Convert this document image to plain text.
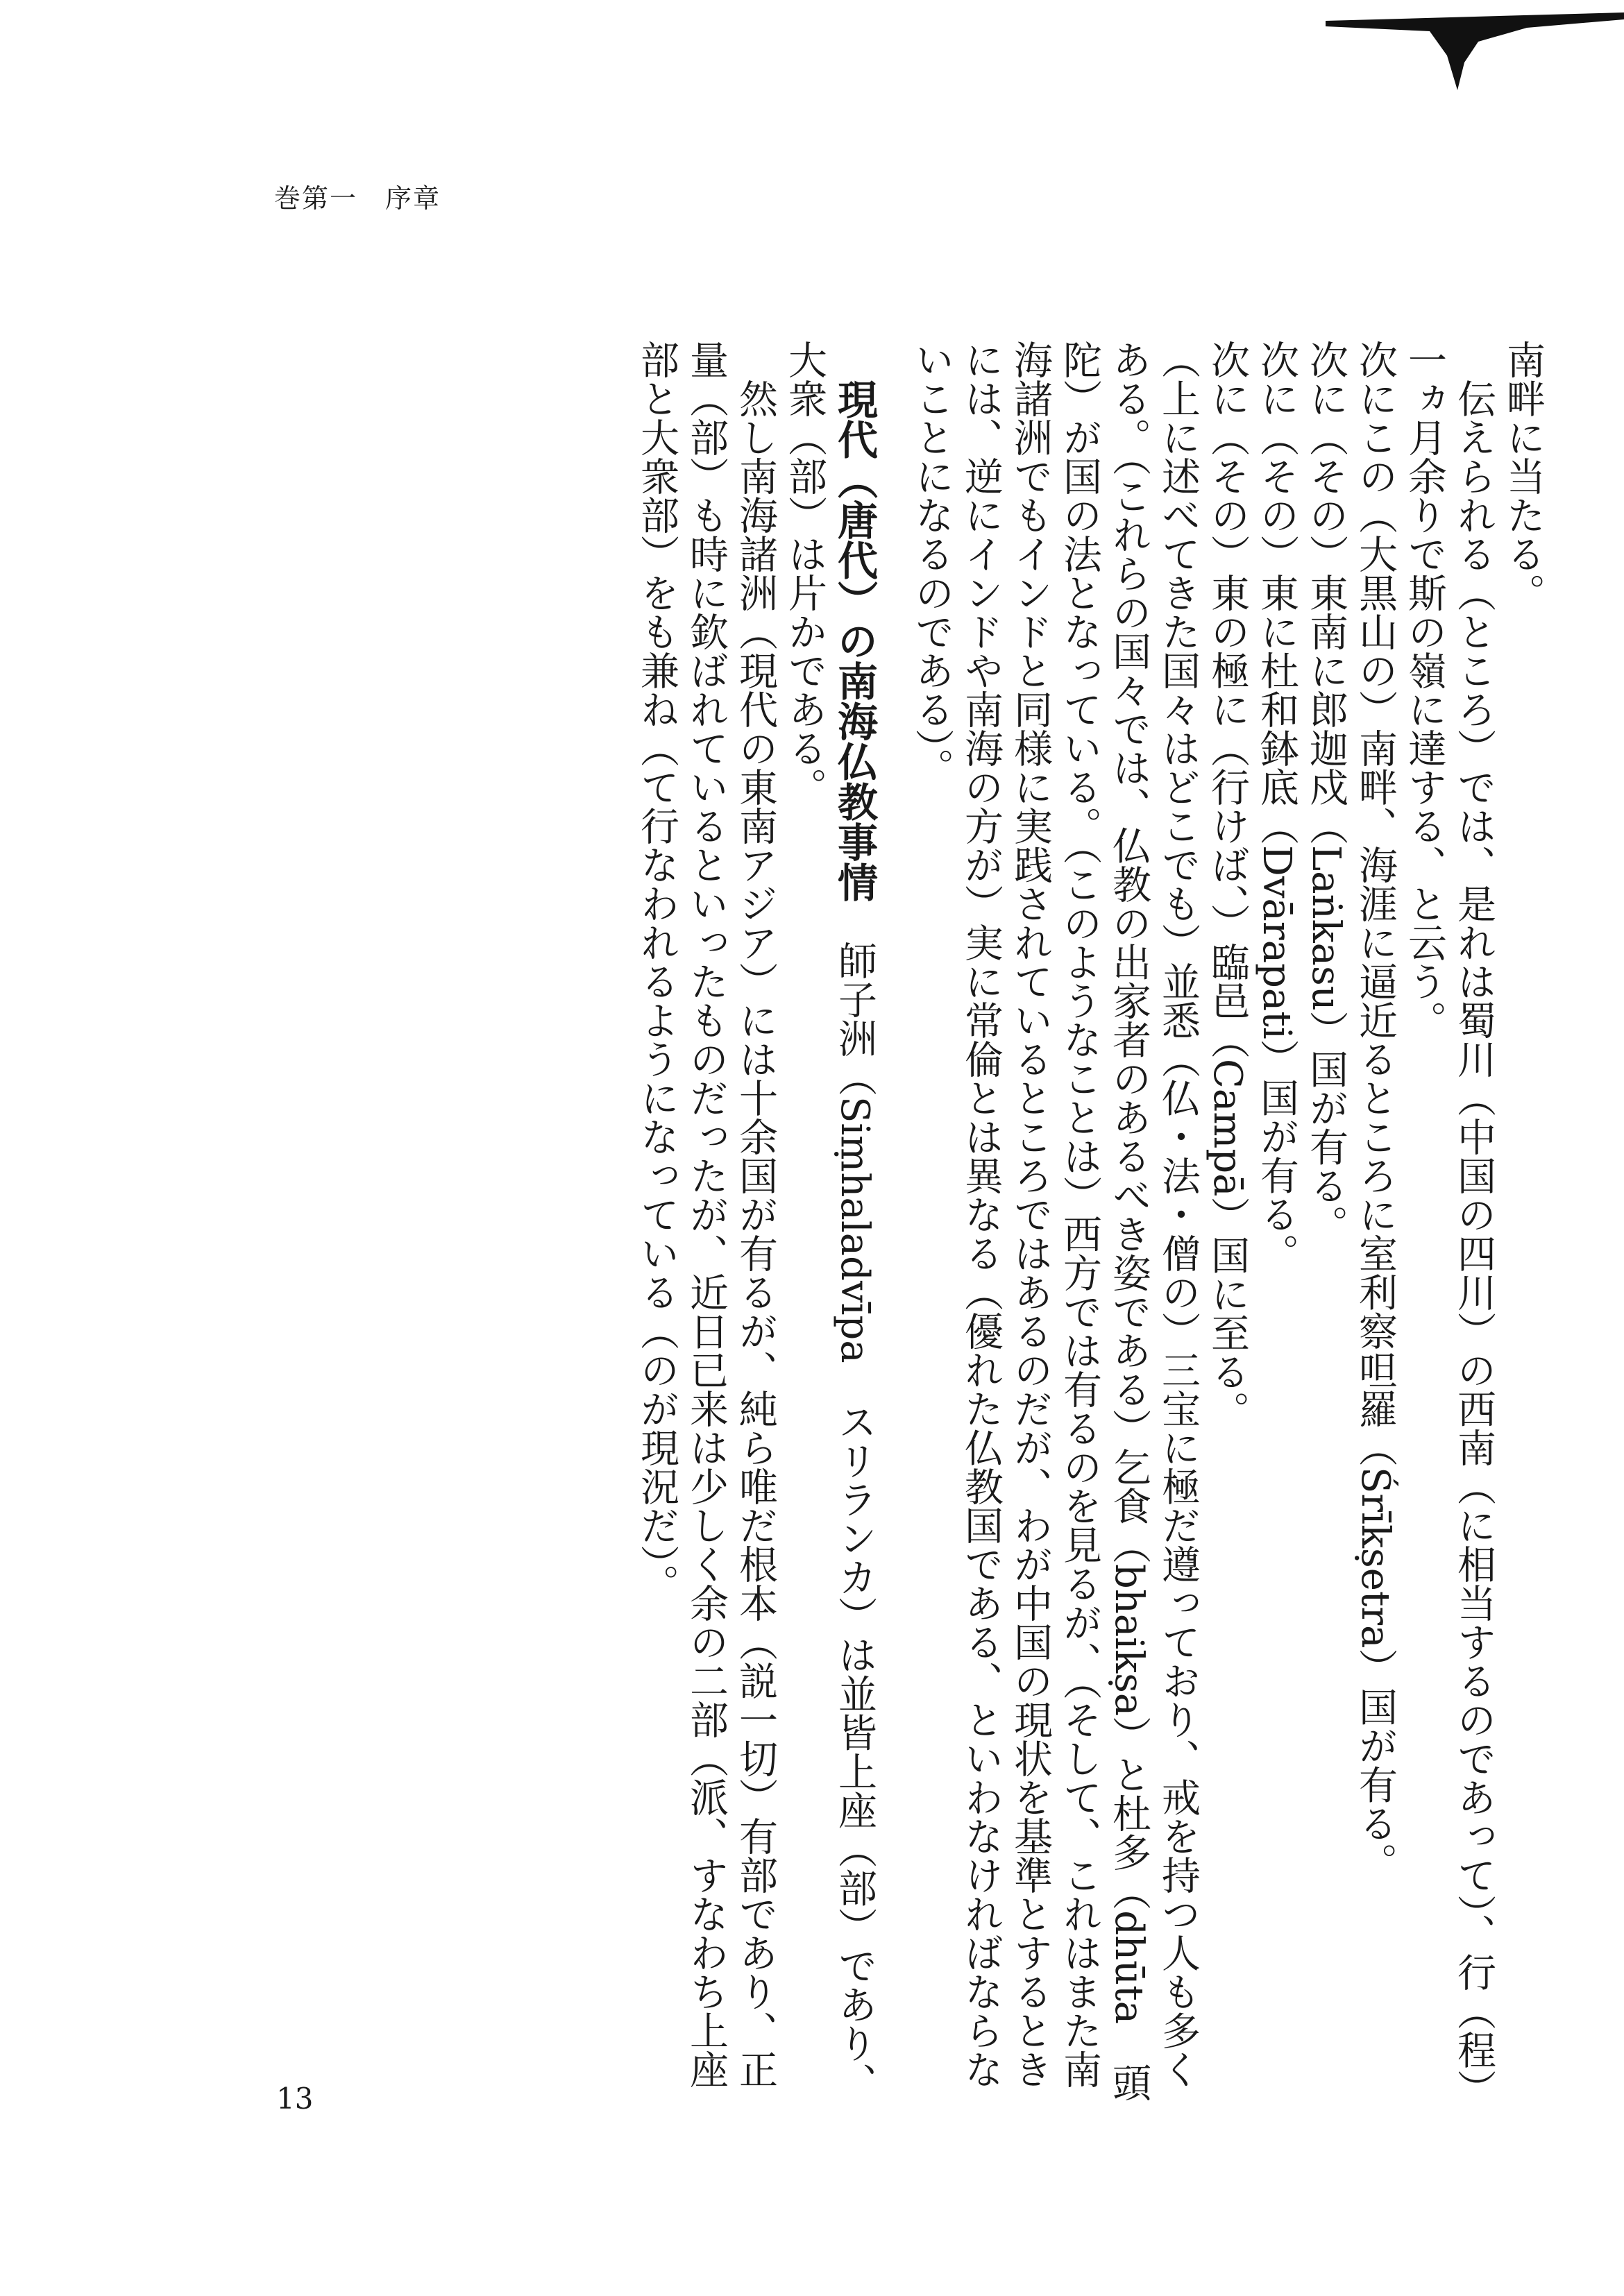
巻第一　序章

南畔に当たる。

伝えられる（ところ）では、是れは蜀川（中国の四川）の西南（に相当するのであって）、行（程）一ヵ月余りで斯の嶺に達する、と云う。

次にこの（大黒山の）南畔、海涯に逼近るところに室利察呾羅（Śrīkṣetra）国が有る。

次に（その）東南に郎迦戍（Laṅkasu）国が有る。

次に（その）東に杜和鉢底（Dvārapati）国が有る。

次に（その）東の極に（行けば、）臨邑（Campā）国に至る。

（上に述べてきた国々はどこでも）並悉（仏・法・僧の）三宝に極だ遵っており、戒を持つ人も多くある。（これらの国々では、仏教の出家者のあるべき姿である）乞食（bhaikṣa）と杜多（dhūta　頭陀）が国の法となっている。（このようなことは）西方では有るのを見るが、（そして、これはまた南海諸洲でもインドと同様に実践されているところではあるのだが、わが中国の現状を基準とするときには、逆にインドや南海の方が）実に常倫とは異なる（優れた仏教国である、といわなければならないことになるのである）。

現代（唐代）の南海仏教事情　師子洲（Siṃhaladvīpa　スリランカ）は並皆上座（部）であり、大衆（部）は片かである。

然し南海諸洲（現代の東南アジア）には十余国が有るが、純ら唯だ根本（説一切）有部であり、正量（部）も時に欽ばれているといったものだったが、近日已来は少しく余の二部（派、すなわち上座部と大衆部）をも兼ね（て行なわれるようになっている（のが現況だ）。

13
